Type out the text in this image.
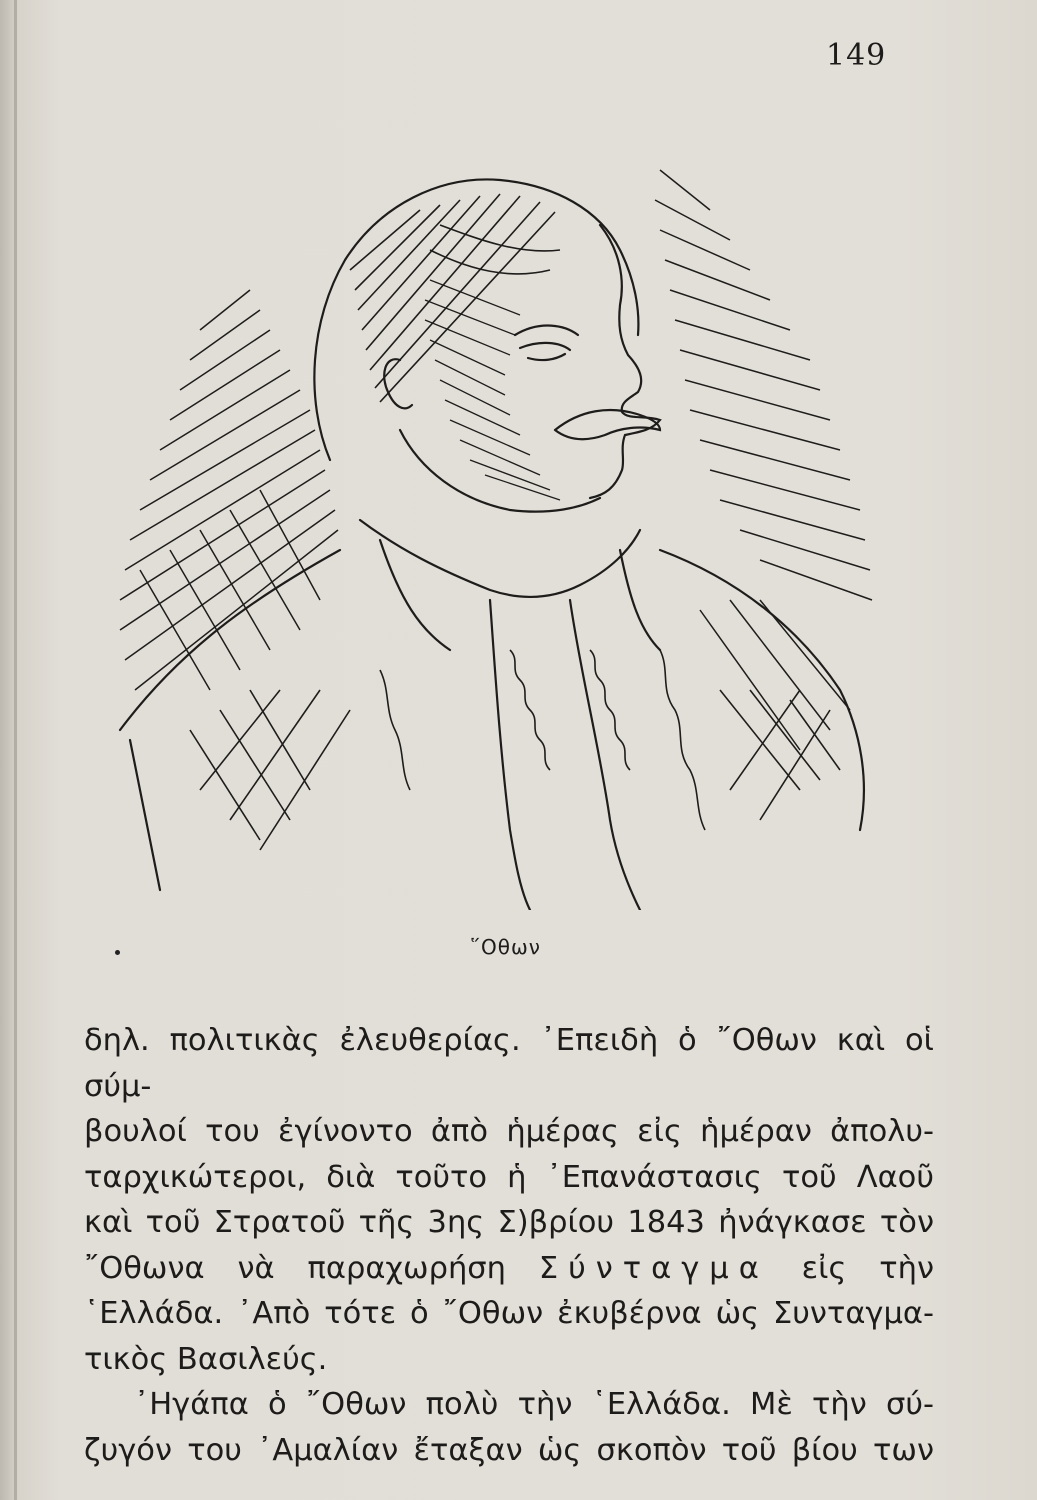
149
῞Οθων
δηλ. πολιτικὰς ἐλευθερίας. ᾿Επειδὴ ὁ ῎Οθων καὶ οἱ σύμ-
βουλοί του ἐγίνοντο ἀπὸ ἡμέρας εἰς ἡμέραν ἀπολυ-
ταρχικώτεροι, διὰ τοῦτο ἡ ᾿Επανάστασις τοῦ Λαοῦ
καὶ τοῦ Στρατοῦ τῆς 3ης Σ)βρίου 1843 ἠνάγκασε τὸν
῎Οθωνα νὰ παραχωρήση Σύνταγμα εἰς τὴν
῾Ελλάδα. ᾿Απὸ τότε ὁ ῎Οθων ἐκυβέρνα ὡς Συνταγμα-
τικὸς Βασιλεύς.
᾿Ηγάπα ὁ ῎Οθων πολὺ τὴν ῾Ελλάδα. Μὲ τὴν σύ-
ζυγόν του ᾿Αμαλίαν ἔταξαν ὡς σκοπὸν τοῦ βίου των
